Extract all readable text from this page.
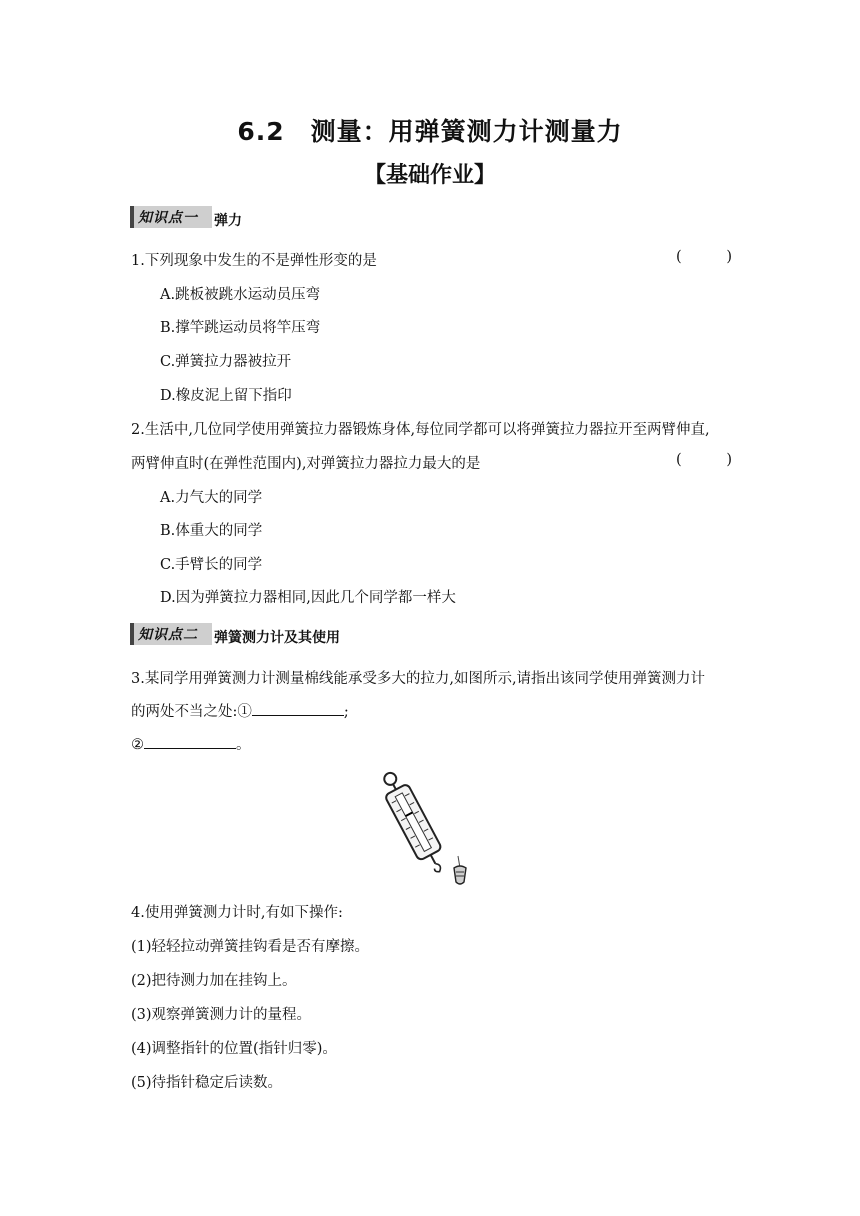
6.2　测量：用弹簧测力计测量力
【基础作业】
知识点一 弹力
1.下列现象中发生的不是弹性形变的是	(	)
A.跳板被跳水运动员压弯
B.撑竿跳运动员将竿压弯
C.弹簧拉力器被拉开
D.橡皮泥上留下指印
2.生活中,几位同学使用弹簧拉力器锻炼身体,每位同学都可以将弹簧拉力器拉开至两臂伸直,
两臂伸直时(在弹性范围内),对弹簧拉力器拉力最大的是	(	)
A.力气大的同学
B.体重大的同学
C.手臂长的同学
D.因为弹簧拉力器相同,因此几个同学都一样大
知识点二 弹簧测力计及其使用
3.某同学用弹簧测力计测量棉线能承受多大的拉力,如图所示,请指出该同学使用弹簧测力计
的两处不当之处:①	;
②	。
4.使用弹簧测力计时,有如下操作:
(1)轻轻拉动弹簧挂钩看是否有摩擦。
(2)把待测力加在挂钩上。
(3)观察弹簧测力计的量程。
(4)调整指针的位置(指针归零)。
(5)待指针稳定后读数。
